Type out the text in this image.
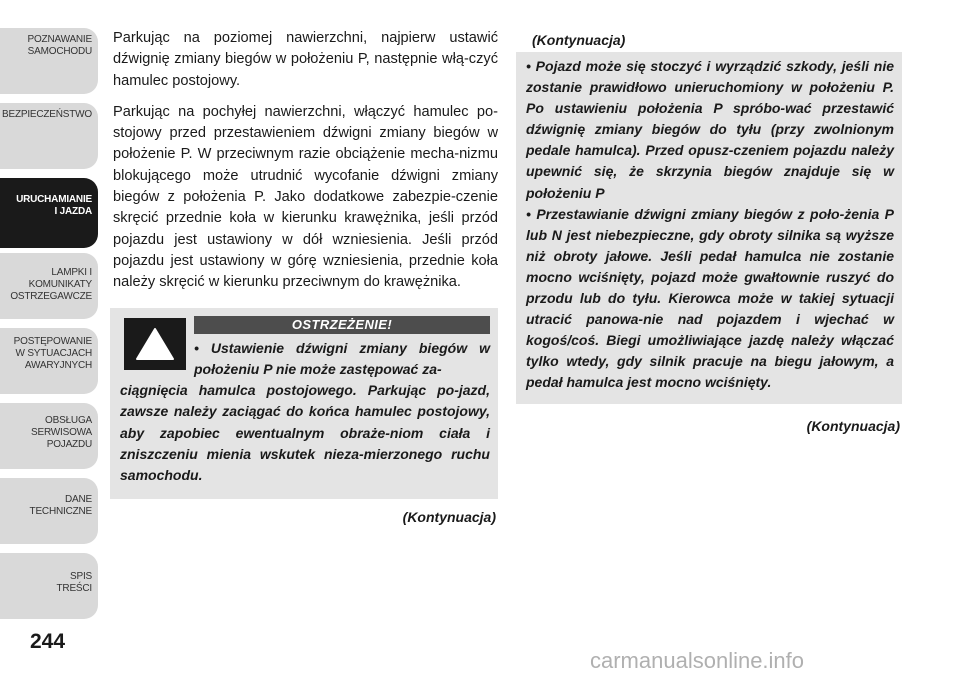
POZNAWANIE
SAMOCHODU
BEZPIECZEŃSTWO
URUCHAMIANIE
I JAZDA
LAMPKI I
KOMUNIKATY
OSTRZEGAWCZE
POSTĘPOWANIE
W SYTUACJACH
AWARYJNYCH
OBSŁUGA
SERWISOWA
POJAZDU
DANE
TECHNICZNE
SPIS
TREŚCI
244

Parkując na poziomej nawierzchni, najpierw ustawić dźwignię zmiany biegów w położeniu P, następnie włą-czyć hamulec postojowy.

Parkując na pochyłej nawierzchni, włączyć hamulec po-stojowy przed przestawieniem dźwigni zmiany biegów w położenie P. W przeciwnym razie obciążenie mecha-nizmu blokującego może utrudnić wycofanie dźwigni zmiany biegów z położenia P. Jako dodatkowe zabezpie-czenie skręcić przednie koła w kierunku krawężnika, jeśli przód pojazdu jest ustawiony w dół wzniesienia. Jeśli przód pojazdu jest ustawiony w górę wzniesienia, przednie koła należy skręcić w kierunku przeciwnym do krawężnika.

OSTRZEŻENIE!

• Ustawienie dźwigni zmiany biegów w położeniu P nie może zastępować za-
ciągnięcia hamulca postojowego. Parkując po-jazd, zawsze należy zaciągać do końca hamulec postojowy, aby zapobiec ewentualnym obraże-niom ciała i zniszczeniu mienia wskutek nieza-mierzonego ruchu samochodu.

(Kontynuacja)
(Kontynuacja)

• Pojazd może się stoczyć i wyrządzić szkody, jeśli nie zostanie prawidłowo unieruchomiony w położeniu P. Po ustawieniu położenia P spróbo-wać przestawić dźwignię zmiany biegów do tyłu (przy zwolnionym pedale hamulca). Przed opusz-czeniem pojazdu należy upewnić się, że skrzynia biegów znajduje się w położeniu P

• Przestawianie dźwigni zmiany biegów z poło-żenia P lub N jest niebezpieczne, gdy obroty silnika są wyższe niż obroty jałowe. Jeśli pedał hamulca nie zostanie mocno wciśnięty, pojazd może gwałtownie ruszyć do przodu lub do tyłu. Kierowca może w takiej sytuacji utracić panowa-nie nad pojazdem i wjechać w kogoś/coś. Biegi umożliwiające jazdę należy włączać tylko wtedy, gdy silnik pracuje na biegu jałowym, a pedał hamulca jest mocno wciśnięty.

(Kontynuacja)
carmanualsonline.info
